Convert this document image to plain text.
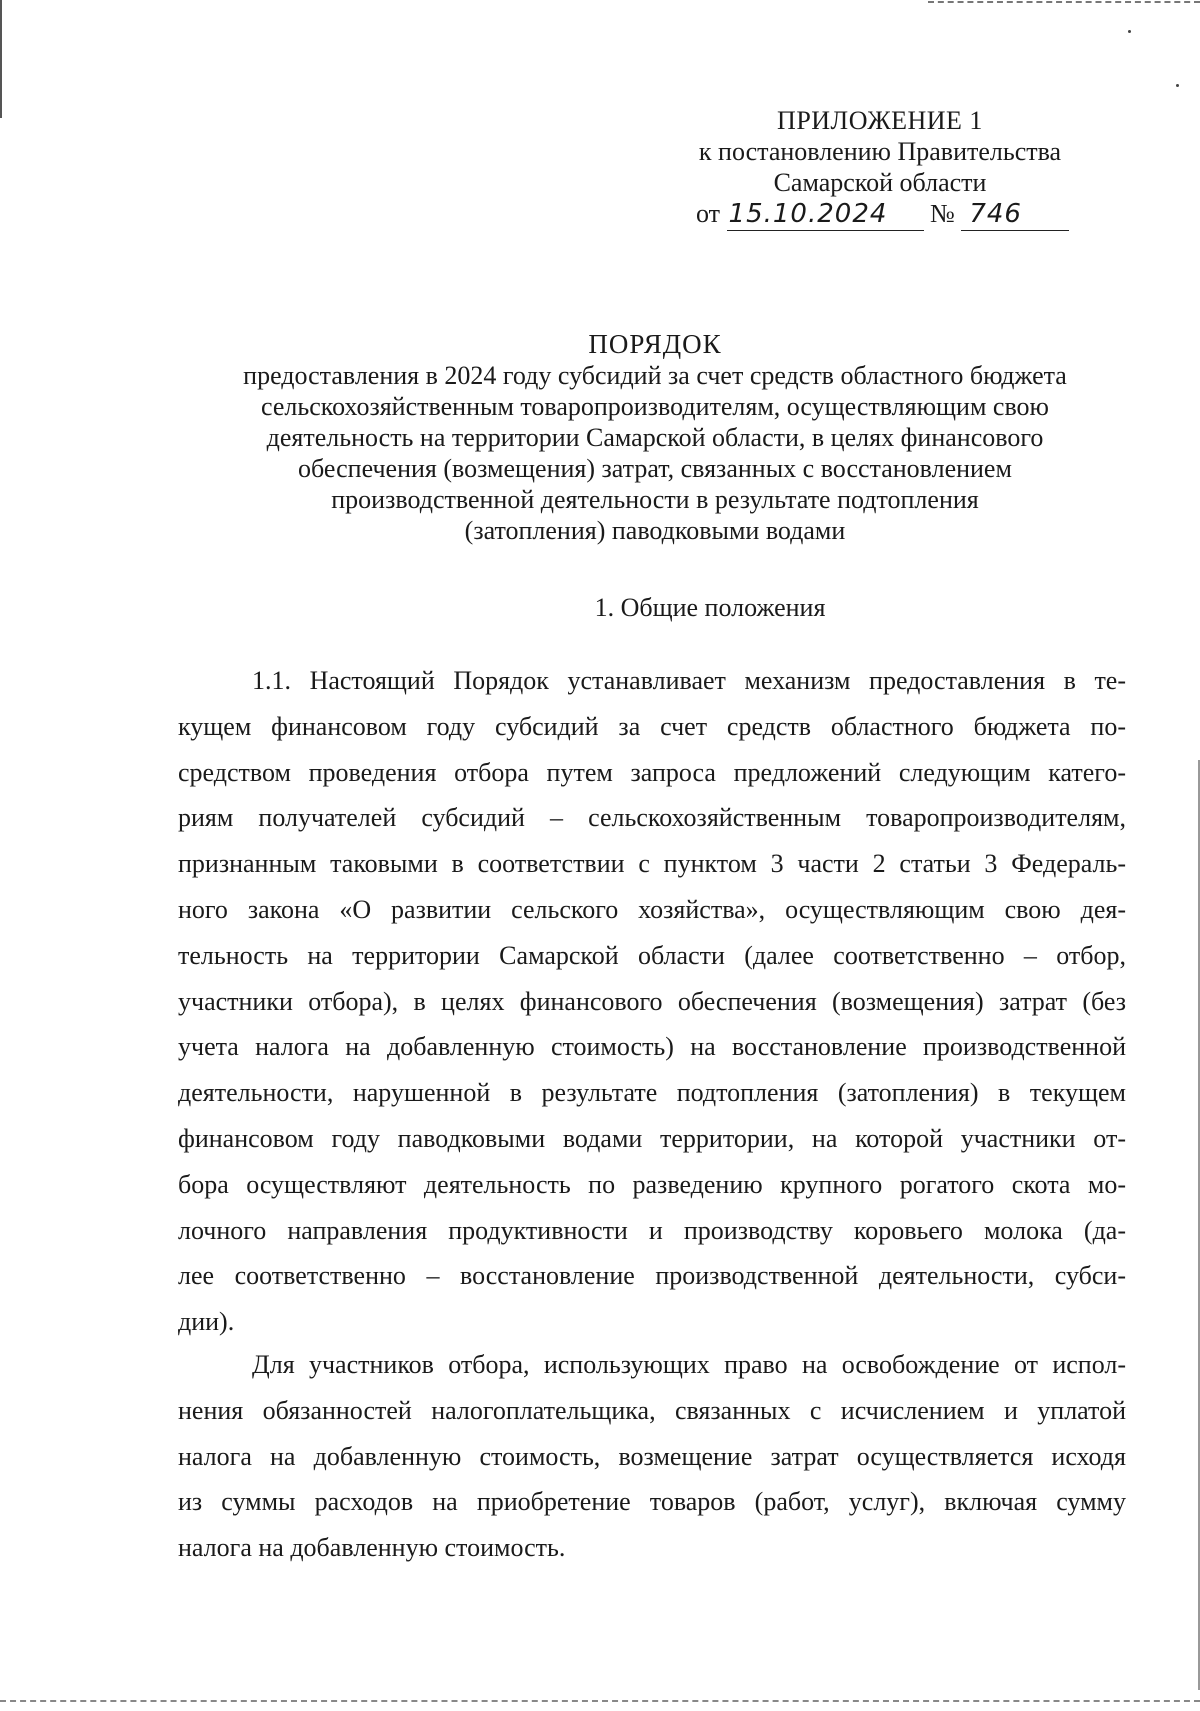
ПРИЛОЖЕНИЕ 1
к постановлению Правительства
Самарской области
от 15.10.2024 № 746
ПОРЯДОК
предоставления в 2024 году субсидий за счет средств областного бюджета
сельскохозяйственным товаропроизводителям, осуществляющим свою
деятельность на территории Самарской области, в целях финансового
обеспечения (возмещения) затрат, связанных с восстановлением
производственной деятельности в результате подтопления
(затопления) паводковыми водами
1. Общие положения
1.1. Настоящий Порядок устанавливает механизм предоставления в те-
кущем финансовом году субсидий за счет средств областного бюджета по-
средством проведения отбора путем запроса предложений следующим катего-
риям получателей субсидий – сельскохозяйственным товаропроизводителям,
признанным таковыми в соответствии с пунктом 3 части 2 статьи 3 Федераль-
ного закона «О развитии сельского хозяйства», осуществляющим свою дея-
тельность на территории Самарской области (далее соответственно – отбор,
участники отбора), в целях финансового обеспечения (возмещения) затрат (без
учета налога на добавленную стоимость) на восстановление производственной
деятельности, нарушенной в результате подтопления (затопления) в текущем
финансовом году паводковыми водами территории, на которой участники от-
бора осуществляют деятельность по разведению крупного рогатого скота мо-
лочного направления продуктивности и производству коровьего молока (да-
лее соответственно – восстановление производственной деятельности, субси-
дии).
Для участников отбора, использующих право на освобождение от испол-
нения обязанностей налогоплательщика, связанных с исчислением и уплатой
налога на добавленную стоимость, возмещение затрат осуществляется исходя
из суммы расходов на приобретение товаров (работ, услуг), включая сумму
налога на добавленную стоимость.
